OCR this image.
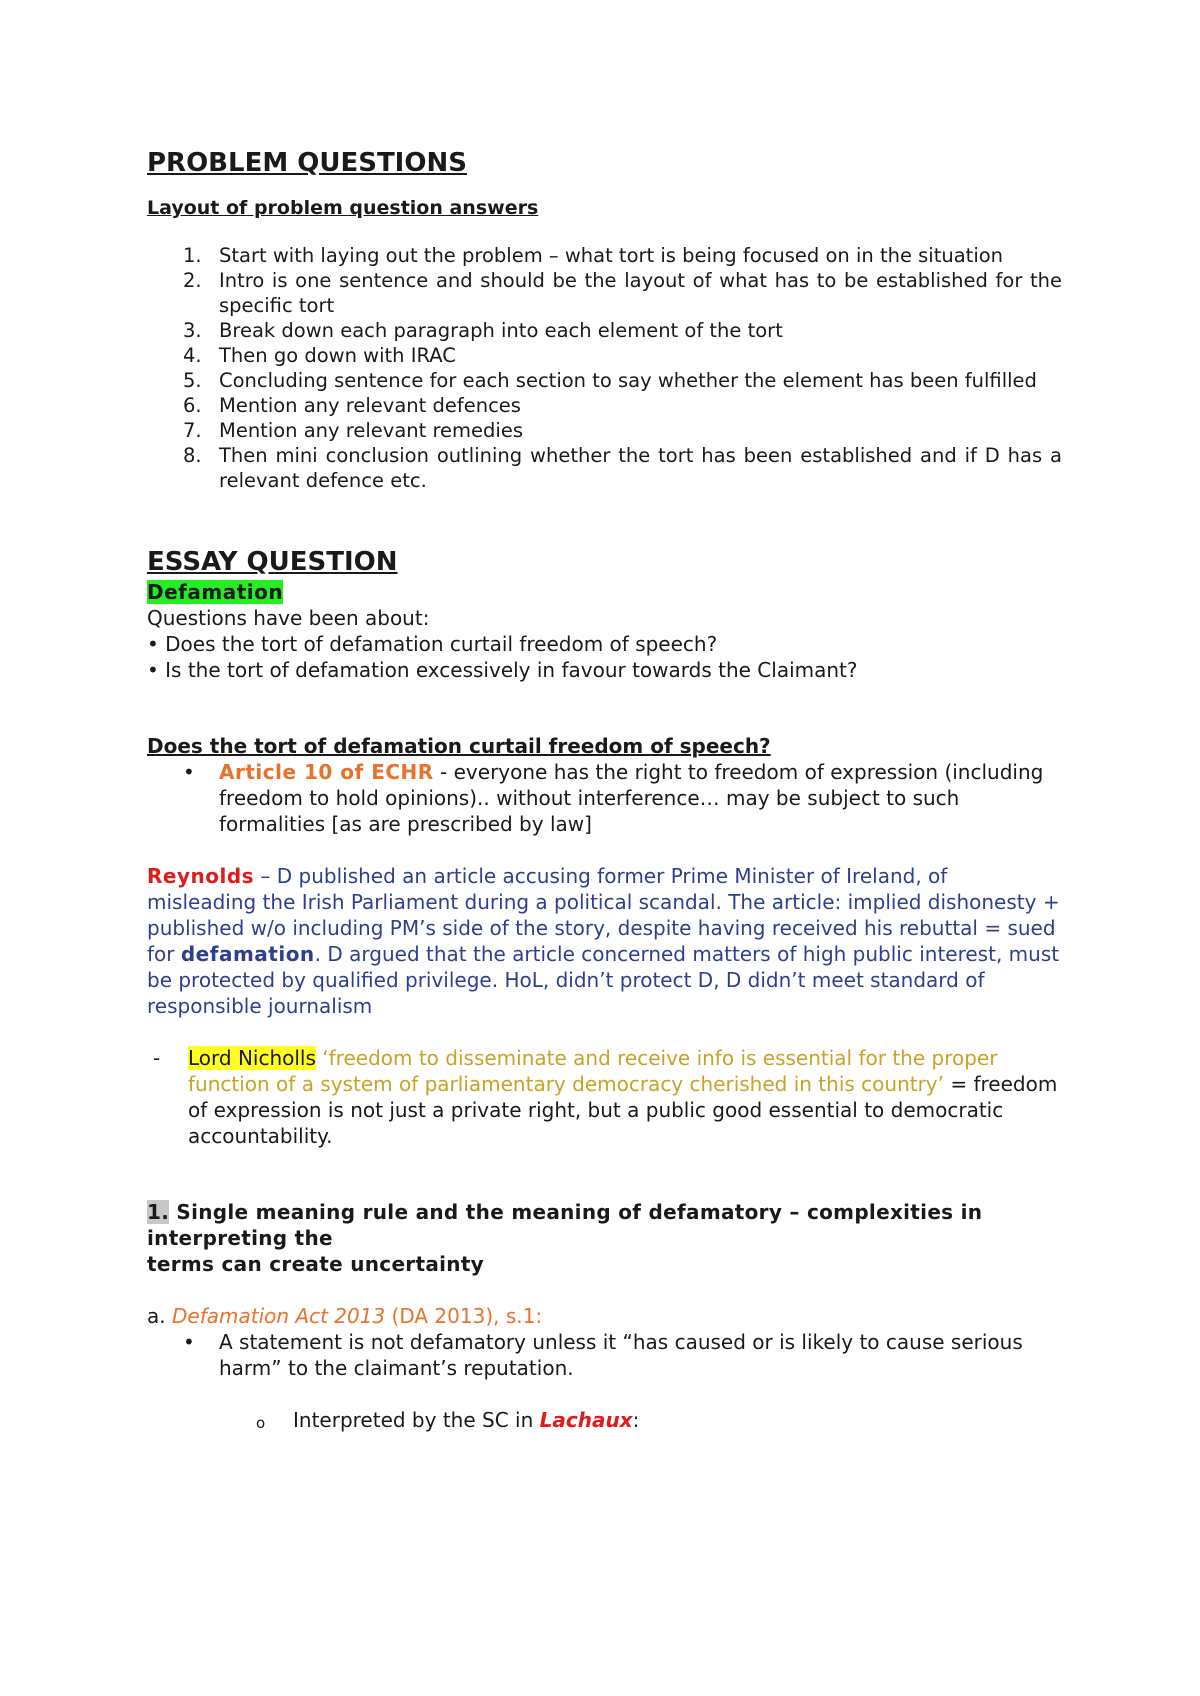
PROBLEM QUESTIONS
Layout of problem question answers
1. Start with laying out the problem – what tort is being focused on in the situation
2. Intro is one sentence and should be the layout of what has to be established for the specific tort
3. Break down each paragraph into each element of the tort
4. Then go down with IRAC
5. Concluding sentence for each section to say whether the element has been fulfilled
6. Mention any relevant defences
7. Mention any relevant remedies
8. Then mini conclusion outlining whether the tort has been established and if D has a relevant defence etc.
ESSAY QUESTION
Defamation
Questions have been about:
• Does the tort of defamation curtail freedom of speech?
• Is the tort of defamation excessively in favour towards the Claimant?
Does the tort of defamation curtail freedom of speech?
• Article 10 of ECHR - everyone has the right to freedom of expression (including freedom to hold opinions).. without interference… may be subject to such formalities [as are prescribed by law]
Reynolds – D published an article accusing former Prime Minister of Ireland, of misleading the Irish Parliament during a political scandal. The article: implied dishonesty + published w/o including PM’s side of the story, despite having received his rebuttal = sued for defamation. D argued that the article concerned matters of high public interest, must be protected by qualified privilege. HoL, didn’t protect D, D didn’t meet standard of responsible journalism
- Lord Nicholls ‘freedom to disseminate and receive info is essential for the proper function of a system of parliamentary democracy cherished in this country’ = freedom of expression is not just a private right, but a public good essential to democratic accountability.
1. Single meaning rule and the meaning of defamatory – complexities in interpreting the
terms can create uncertainty
a. Defamation Act 2013 (DA 2013), s.1:
• A statement is not defamatory unless it “has caused or is likely to cause serious harm” to the claimant’s reputation.
o Interpreted by the SC in Lachaux:
